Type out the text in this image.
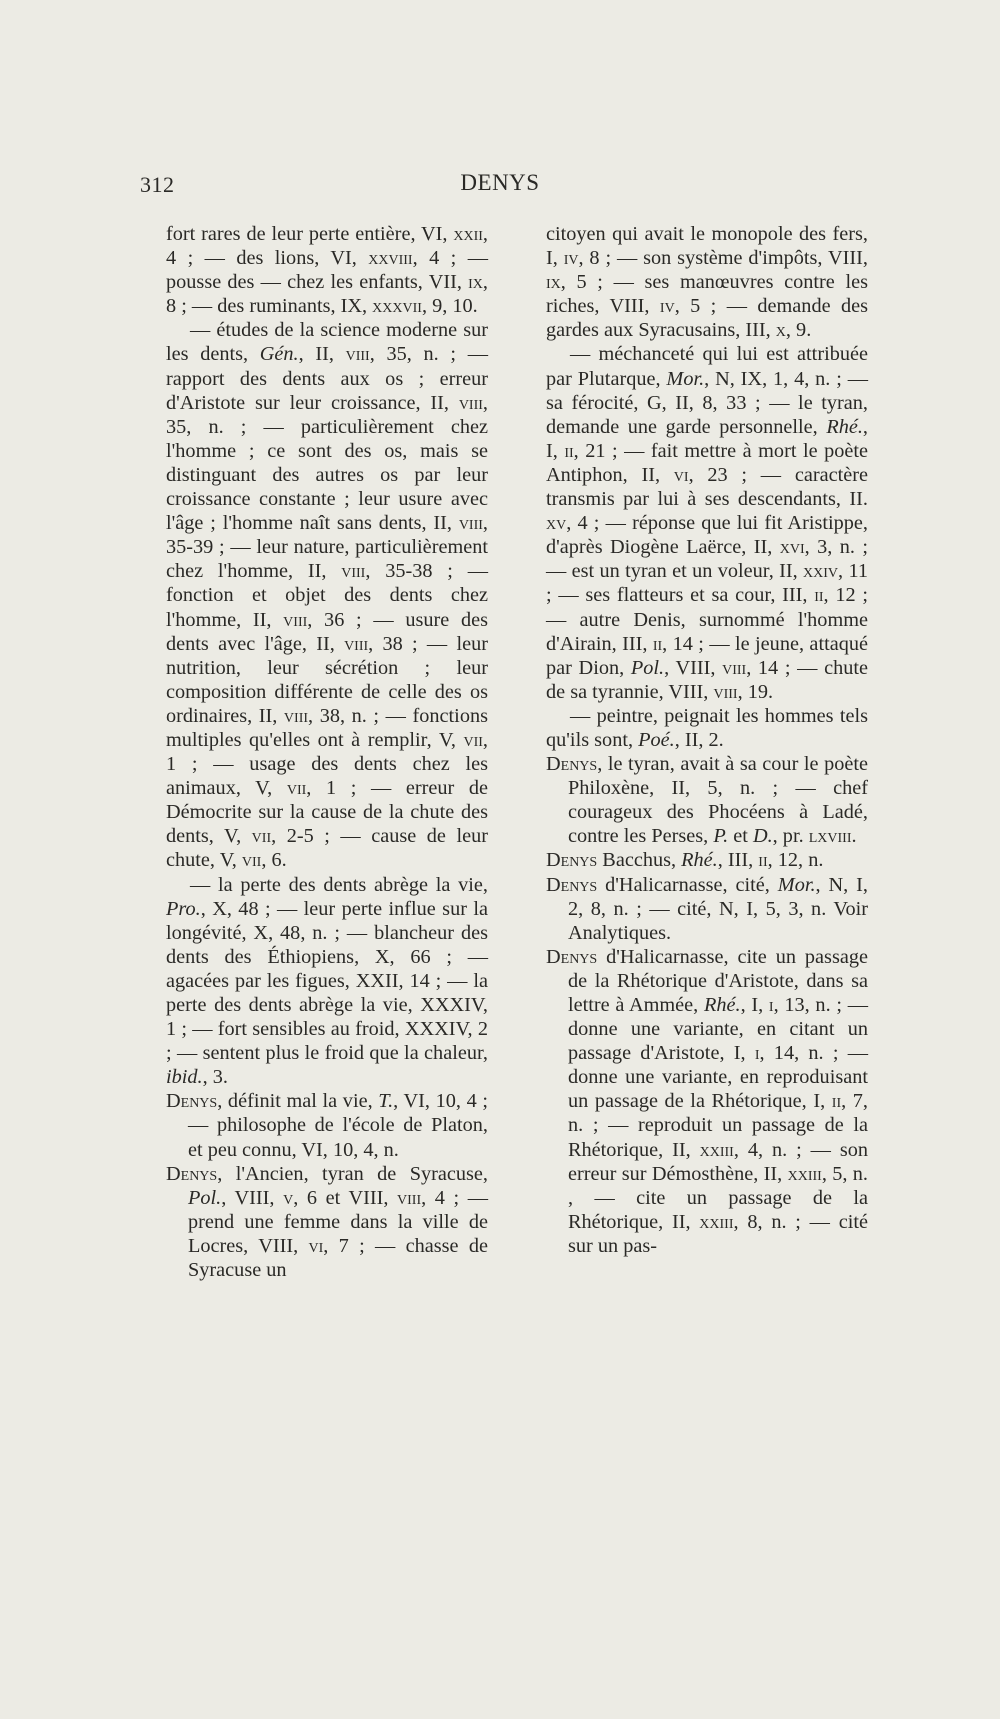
312	DENYS

fort rares de leur perte entière, VI, xxii, 4 ; — des lions, VI, xxviii, 4 ; — pousse des — chez les enfants, VII, ix, 8 ; — des ruminants, IX, xxxvii, 9, 10.

— études de la science moderne sur les dents, Gén., II, viii, 35, n. ; — rapport des dents aux os ; erreur d'Aristote sur leur croissance, II, viii, 35, n. ; — particulièrement chez l'homme ; ce sont des os, mais se distinguant des autres os par leur croissance constante ; leur usure avec l'âge ; l'homme naît sans dents, II, viii, 35-39 ; — leur nature, particulièrement chez l'homme, II, viii, 35-38 ; — fonction et objet des dents chez l'homme, II, viii, 36 ; — usure des dents avec l'âge, II, viii, 38 ; — leur nutrition, leur sécrétion ; leur composition différente de celle des os ordinaires, II, viii, 38, n. ; — fonctions multiples qu'elles ont à remplir, V, vii, 1 ; — usage des dents chez les animaux, V, vii, 1 ; — erreur de Démocrite sur la cause de la chute des dents, V, vii, 2-5 ; — cause de leur chute, V, vii, 6.

— la perte des dents abrège la vie, Pro., X, 48 ; — leur perte influe sur la longévité, X, 48, n. ; — blancheur des dents des Éthiopiens, X, 66 ; — agacées par les figues, XXII, 14 ; — la perte des dents abrège la vie, XXXIV, 1 ; — fort sensibles au froid, XXXIV, 2 ; — sentent plus le froid que la chaleur, ibid., 3.

Denys, définit mal la vie, T., VI, 10, 4 ; — philosophe de l'école de Platon, et peu connu, VI, 10, 4, n.

Denys, l'Ancien, tyran de Syracuse, Pol., VIII, v, 6 et VIII, viii, 4 ; — prend une femme dans la ville de Locres, VIII, vi, 7 ; — chasse de Syracuse un

citoyen qui avait le monopole des fers, I, iv, 8 ; — son système d'impôts, VIII, ix, 5 ; — ses manœuvres contre les riches, VIII, iv, 5 ; — demande des gardes aux Syracusains, III, x, 9.

— méchanceté qui lui est attribuée par Plutarque, Mor., N, IX, 1, 4, n. ; — sa férocité, G, II, 8, 33 ; — le tyran, demande une garde personnelle, Rhé., I, ii, 21 ; — fait mettre à mort le poète Antiphon, II, vi, 23 ; — caractère transmis par lui à ses descendants, II. xv, 4 ; — réponse que lui fit Aristippe, d'après Diogène Laërce, II, xvi, 3, n. ; — est un tyran et un voleur, II, xxiv, 11 ; — ses flatteurs et sa cour, III, ii, 12 ; — autre Denis, surnommé l'homme d'Airain, III, ii, 14 ; — le jeune, attaqué par Dion, Pol., VIII, viii, 14 ; — chute de sa tyrannie, VIII, viii, 19.

— peintre, peignait les hommes tels qu'ils sont, Poé., II, 2.

Denys, le tyran, avait à sa cour le poète Philoxène, II, 5, n. ; — chef courageux des Phocéens à Ladé, contre les Perses, P. et D., pr. lxviii.

Denys Bacchus, Rhé., III, ii, 12, n.

Denys d'Halicarnasse, cité, Mor., N, I, 2, 8, n. ; — cité, N, I, 5, 3, n. Voir Analytiques.

Denys d'Halicarnasse, cite un passage de la Rhétorique d'Aristote, dans sa lettre à Ammée, Rhé., I, i, 13, n. ; — donne une variante, en citant un passage d'Aristote, I, i, 14, n. ; — donne une variante, en reproduisant un passage de la Rhétorique, I, ii, 7, n. ; — reproduit un passage de la Rhétorique, II, xxiii, 4, n. ; — son erreur sur Démosthène, II, xxiii, 5, n. , — cite un passage de la Rhétorique, II, xxiii, 8, n. ; — cité sur un pas-
